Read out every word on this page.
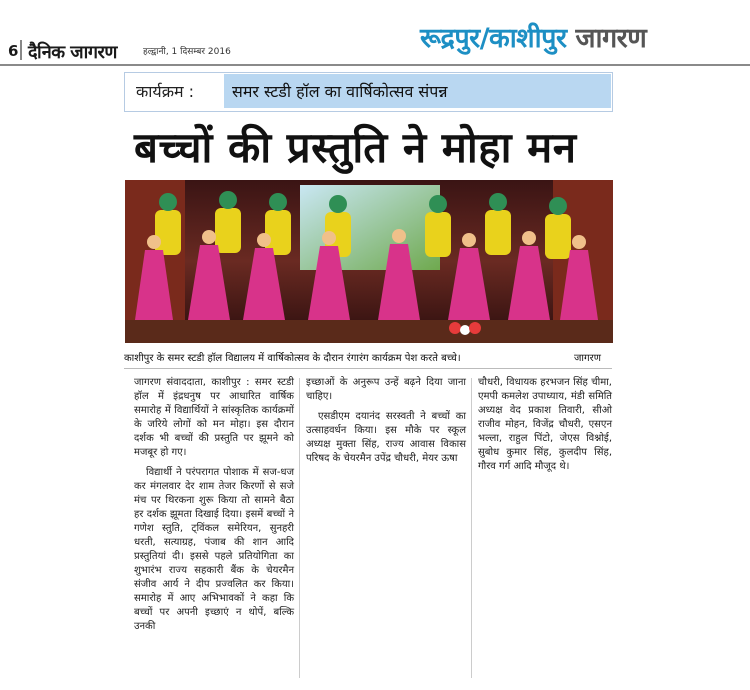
6 दैनिक जागरण	हल्द्वानी, 1 दिसम्बर 2016	रूद्रपुर/काशीपुर जागरण
कार्यक्रम : समर स्टडी हॉल का वार्षिकोत्सव संपन्न
बच्चों की प्रस्तुति ने मोहा मन
काशीपुर के समर स्टडी हॉल विद्यालय में वार्षिकोत्सव के दौरान रंगारंग कार्यक्रम पेश करते बच्चे।	जागरण

जागरण संवाददाता, काशीपुर : समर स्टडी हॉल में इंद्रधनुष पर आधारित वार्षिक समारोह में विद्यार्थियों ने सांस्कृतिक कार्यक्रमों के जरिये लोगों को मन मोहा। इस दौरान दर्शक भी बच्चों की प्रस्तुति पर झूमने को मजबूर हो गए।

विद्यार्थी ने परंपरागत पोशाक में सज-धज कर मंगलवार देर शाम तेजर किरणों से सजे मंच पर थिरकना शुरू किया तो सामने बैठा हर दर्शक झूमता दिखाई दिया। इसमें बच्चों ने गणेश स्तुति, ट्विंकल समेरियन, सुनहरी धरती, सत्याग्रह, पंजाब की शान आदि प्रस्तुतियां दी। इससे पहले प्रतियोगिता का शुभारंभ राज्य सहकारी बैंक के चेयरमैन संजीव आर्य ने दीप प्रज्वलित कर किया। समारोह में आए अभिभावकों ने कहा कि बच्चों पर अपनी इच्छाएं न थोपें, बल्कि उनकी

इच्छाओं के अनुरूप उन्हें बढ़ने दिया जाना चाहिए।

एसडीएम दयानंद सरस्वती ने बच्चों का उत्साहवर्धन किया। इस मौके पर स्कूल अध्यक्ष मुक्ता सिंह, राज्य आवास विकास परिषद के चेयरमैन उपेंद्र चौधरी, मेयर ऊषा

चौधरी, विधायक हरभजन सिंह चीमा, एमपी कमलेश उपाध्याय, मंडी समिति अध्यक्ष वेद प्रकाश तिवारी, सीओ राजीव मोहन, विजेंद्र चौधरी, एसएन भल्ला, राहुल पिंटो, जेएस विश्नोई, सुबोध कुमार सिंह, कुलदीप सिंह, गौरव गर्ग आदि मौजूद थे।
